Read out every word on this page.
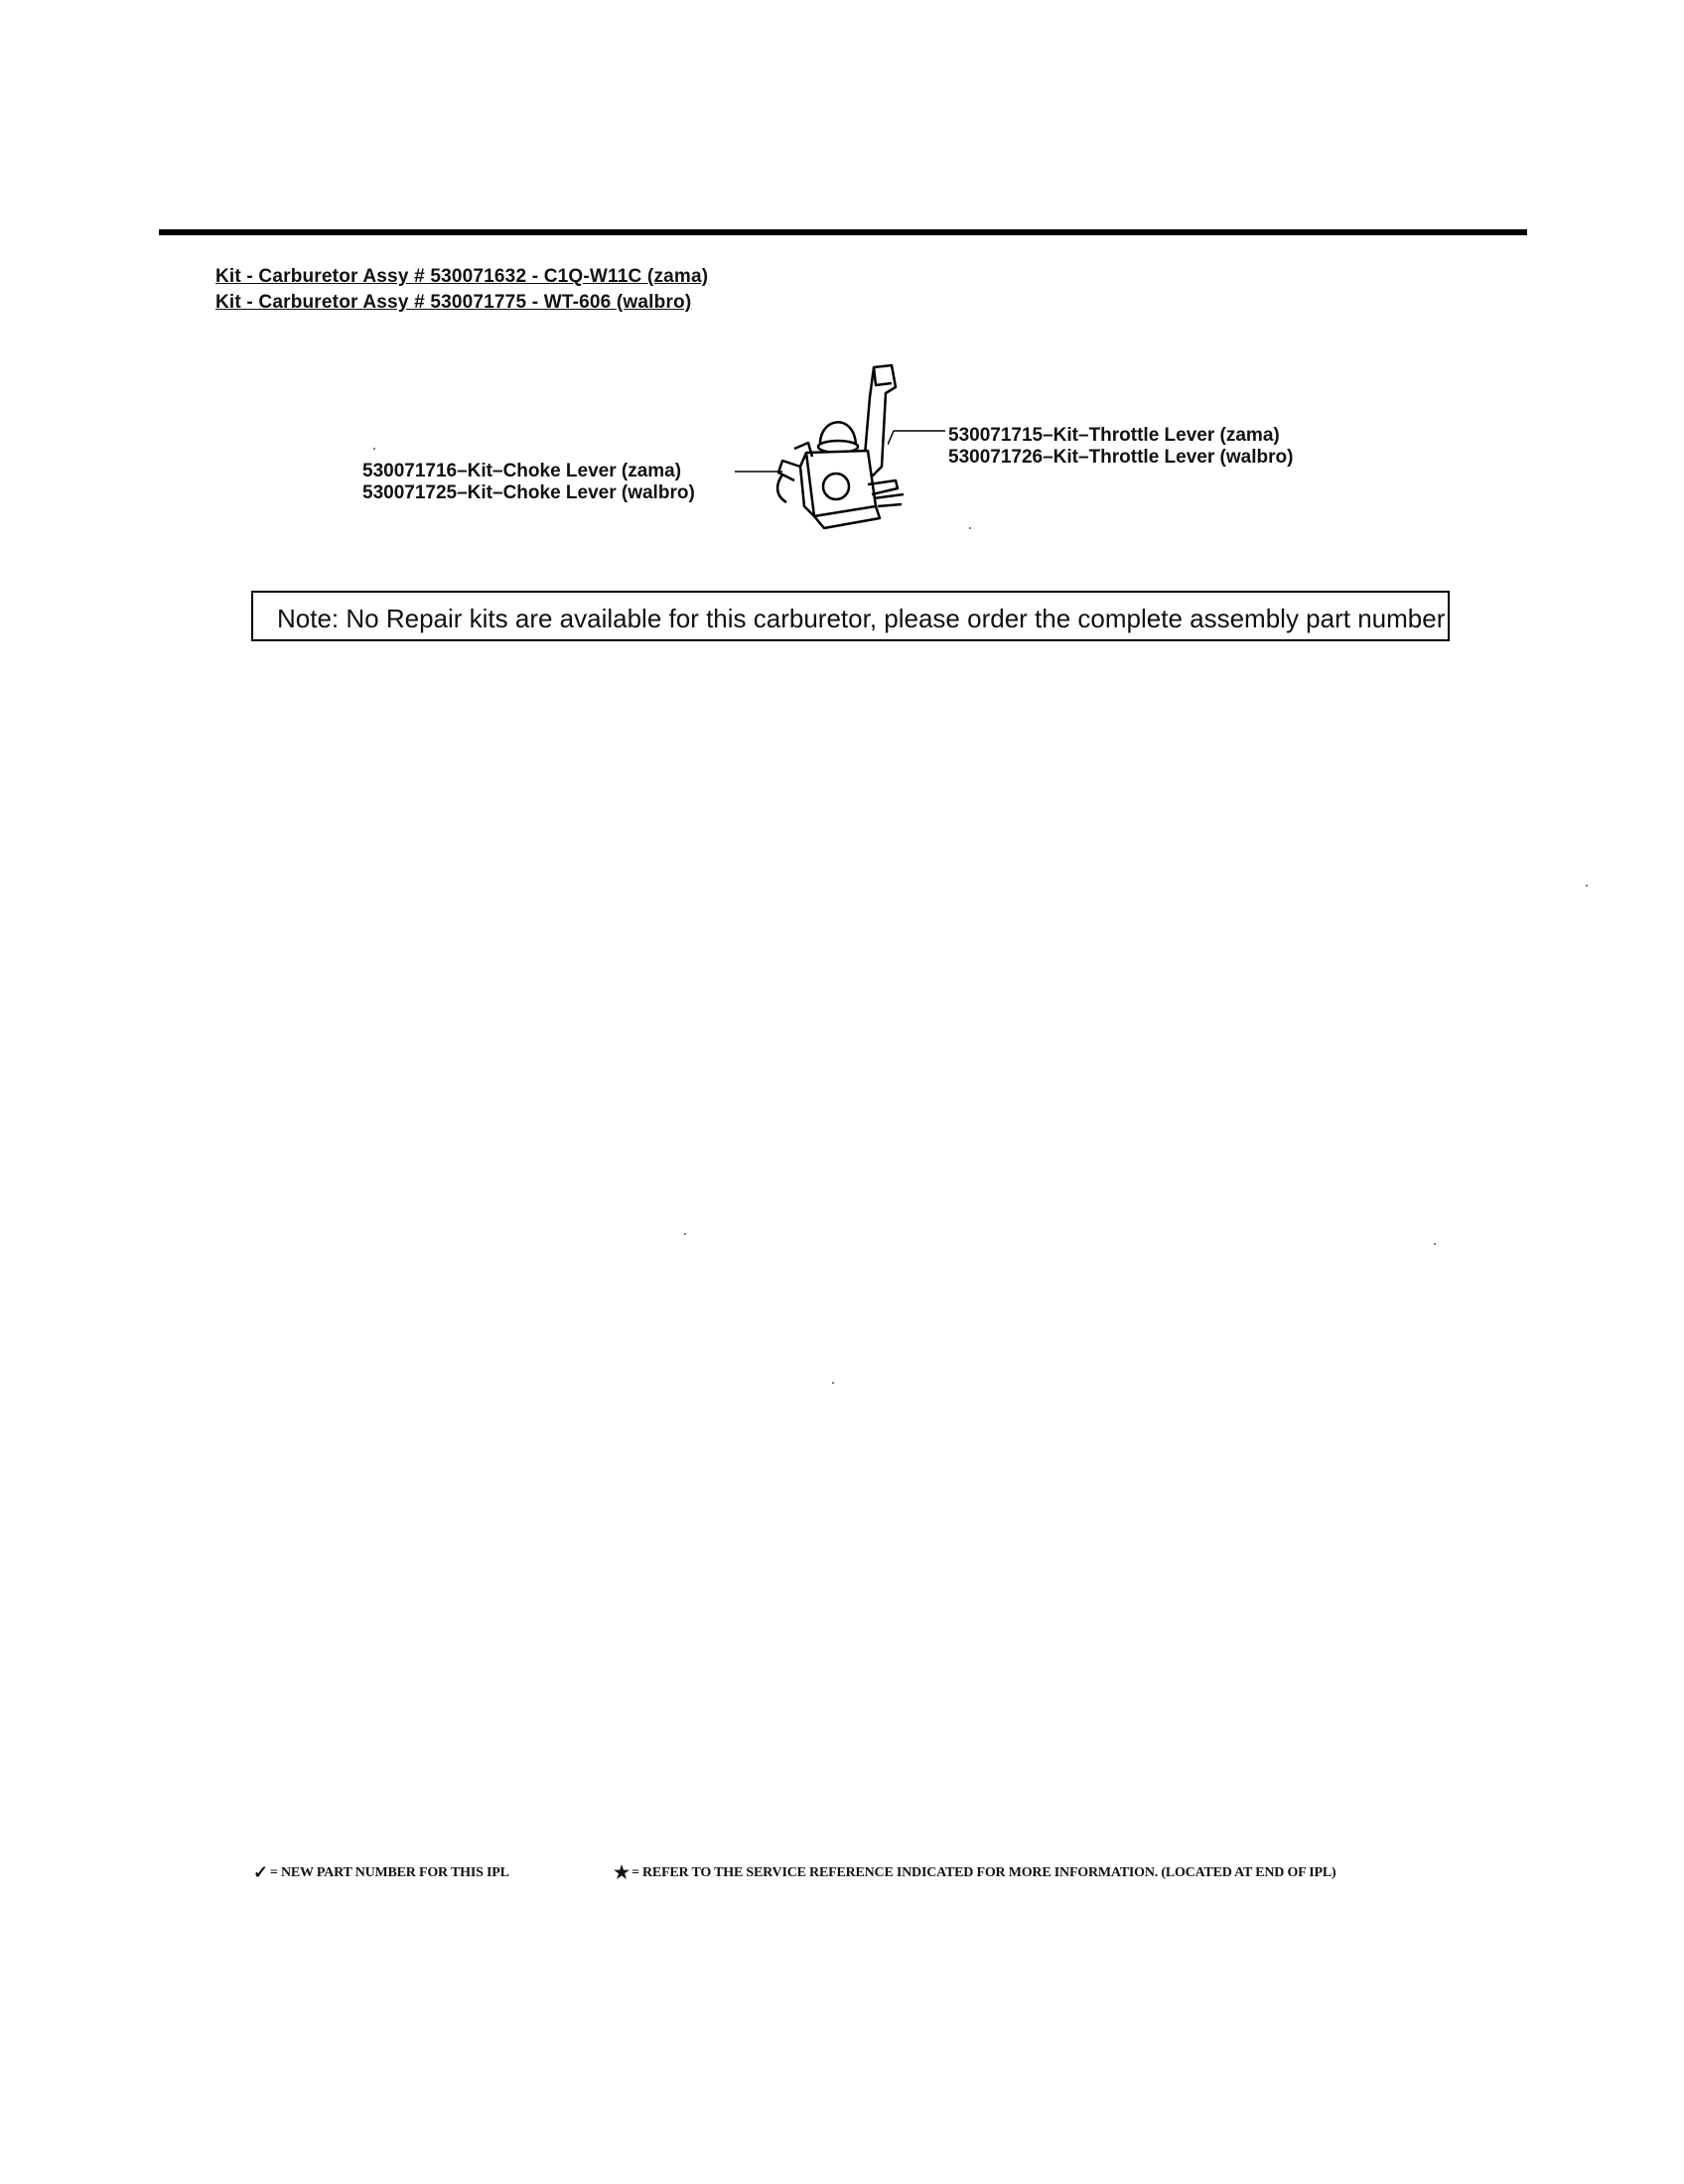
Kit - Carburetor Assy # 530071632 - C1Q-W11C (zama)
Kit - Carburetor Assy # 530071775 - WT-606 (walbro)
530071716–Kit–Choke Lever (zama)
530071725–Kit–Choke Lever (walbro)
530071715–Kit–Throttle Lever (zama)
530071726–Kit–Throttle Lever (walbro)
Note: No Repair kits are available for this carburetor, please order the complete assembly part number
✓ = NEW PART NUMBER FOR THIS IPL	★ = REFER TO THE SERVICE REFERENCE INDICATED FOR MORE INFORMATION. (LOCATED AT END OF IPL)
